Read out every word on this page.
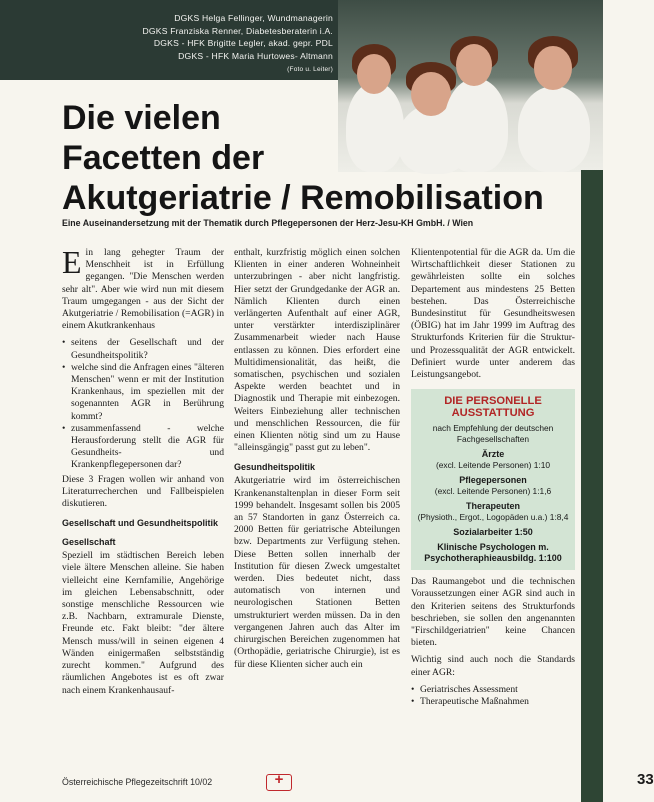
DGKS Helga Fellinger, Wundmanagerin
DGKS Franziska Renner, Diabetesberaterin i.A.
DGKS - HFK Brigitte Legler, akad. gepr. PDL
DGKS - HFK Maria Hurtowes- Altmann
(Foto u. Leiter)
Die vielen
Facetten der
Akutgeriatrie / Remobilisation
Eine Auseinandersetzung mit der Thematik durch Pflegepersonen der Herz-Jesu-KH GmbH. / Wien

Ein lang gehegter Traum der Menschheit ist in Erfüllung gegangen. "Die Menschen werden sehr alt". Aber wie wird nun mit diesem Traum umgegangen - aus der Sicht der Akutgeriatrie / Remobilisation (=AGR) in einem Akutkrankenhaus

• seitens der Gesellschaft und der Gesundheitspolitik?
• welche sind die Anfragen eines "älteren Menschen" wenn er mit der Institution Krankenhaus, im speziellen mit der sogenannten AGR in Berührung kommt?
• zusammenfassend - welche Herausforderung stellt die AGR für Gesundheits- und Krankenpflegepersonen dar?

Diese 3 Fragen wollen wir anhand von Literaturrecherchen und Fallbeispielen diskutieren.

Gesellschaft und Gesundheitspolitik
Gesellschaft

Speziell im städtischen Bereich leben viele ältere Menschen alleine. Sie haben vielleicht eine Kernfamilie, Angehörige im gleichen Lebensabschnitt, oder sonstige menschliche Ressourcen wie z.B. Nachbarn, extramurale Dienste, Freunde etc. Fakt bleibt: "der ältere Mensch muss/will in seinen eigenen 4 Wänden einigermaßen selbstständig zurecht kommen." Aufgrund des räumlichen Angebotes ist es oft zwar nach einem Krankenhausauf-

enthalt, kurzfristig möglich einen solchen Klienten in einer anderen Wohneinheit unterzubringen - aber nicht langfristig. Hier setzt der Grundgedanke der AGR an. Nämlich Klienten durch einen verlängerten Aufenthalt auf einer AGR, unter verstärkter interdisziplinärer Zusammenarbeit wieder nach Hause entlassen zu können. Dies erfordert eine Multidimensionalität, das heißt, die somatischen, psychischen und sozialen Aspekte werden beachtet und in Diagnostik und Therapie mit einbezogen. Weiters Einbeziehung aller technischen und menschlichen Ressourcen, die für einen Klienten nötig sind um zu Hause "alleinsgängig" passt gut zu leben".

Gesundheitspolitik

Akutgeriatrie wird im österreichischen Krankenanstaltenplan in dieser Form seit 1999 behandelt. Insgesamt sollen bis 2005 an 57 Standorten in ganz Österreich ca. 2000 Betten für geriatrische Abteilungen bzw. Departments zur Verfügung stehen. Diese Betten sollen innerhalb der Institution für diesen Zweck umgestaltet werden. Dies bedeutet nicht, dass automatisch von internen und neurologischen Stationen Betten umstrukturiert werden müssen. Da in den vergangenen Jahren auch das Alter im chirurgischen Bereichen zugenommen hat (Orthopädie, geriatrische Chirurgie), ist es für diese Klienten sicher auch ein

Klientenpotential für die AGR da. Um die Wirtschaftlichkeit dieser Stationen zu gewährleisten sollte ein solches Departement aus mindestens 25 Betten bestehen. Das Österreichische Bundesinstitut für Gesundheitswesen (ÖBIG) hat im Jahr 1999 im Auftrag des Strukturfonds Kriterien für die Struktur- und Prozessqualität der AGR entwickelt. Definiert wurde unter anderem das Leistungsangebot.

DIE PERSONELLE AUSSTATTUNG
nach Empfehlung der deutschen Fachgesellschaften
Ärzte
(excl. Leitende Personen) 1:10
Pflegepersonen
(excl. Leitende Personen) 1:1,6
Therapeuten
(Physioth., Ergot., Logopäden u.a.) 1:8,4
Sozialarbeiter 1:50
Klinische Psychologen m. Psychotheraphieausbildg. 1:100

Das Raumangebot und die technischen Voraussetzungen einer AGR sind auch in den Kriterien seitens des Strukturfonds beschrieben, sie sollen den angenannten "Firschildgeriatrien" keine Chancen bieten.

Wichtig sind auch noch die Standards einer AGR:

• Geriatrisches Assessment
• Therapeutische Maßnahmen
Österreichische Pflegezeitschrift 10/02
+	33
